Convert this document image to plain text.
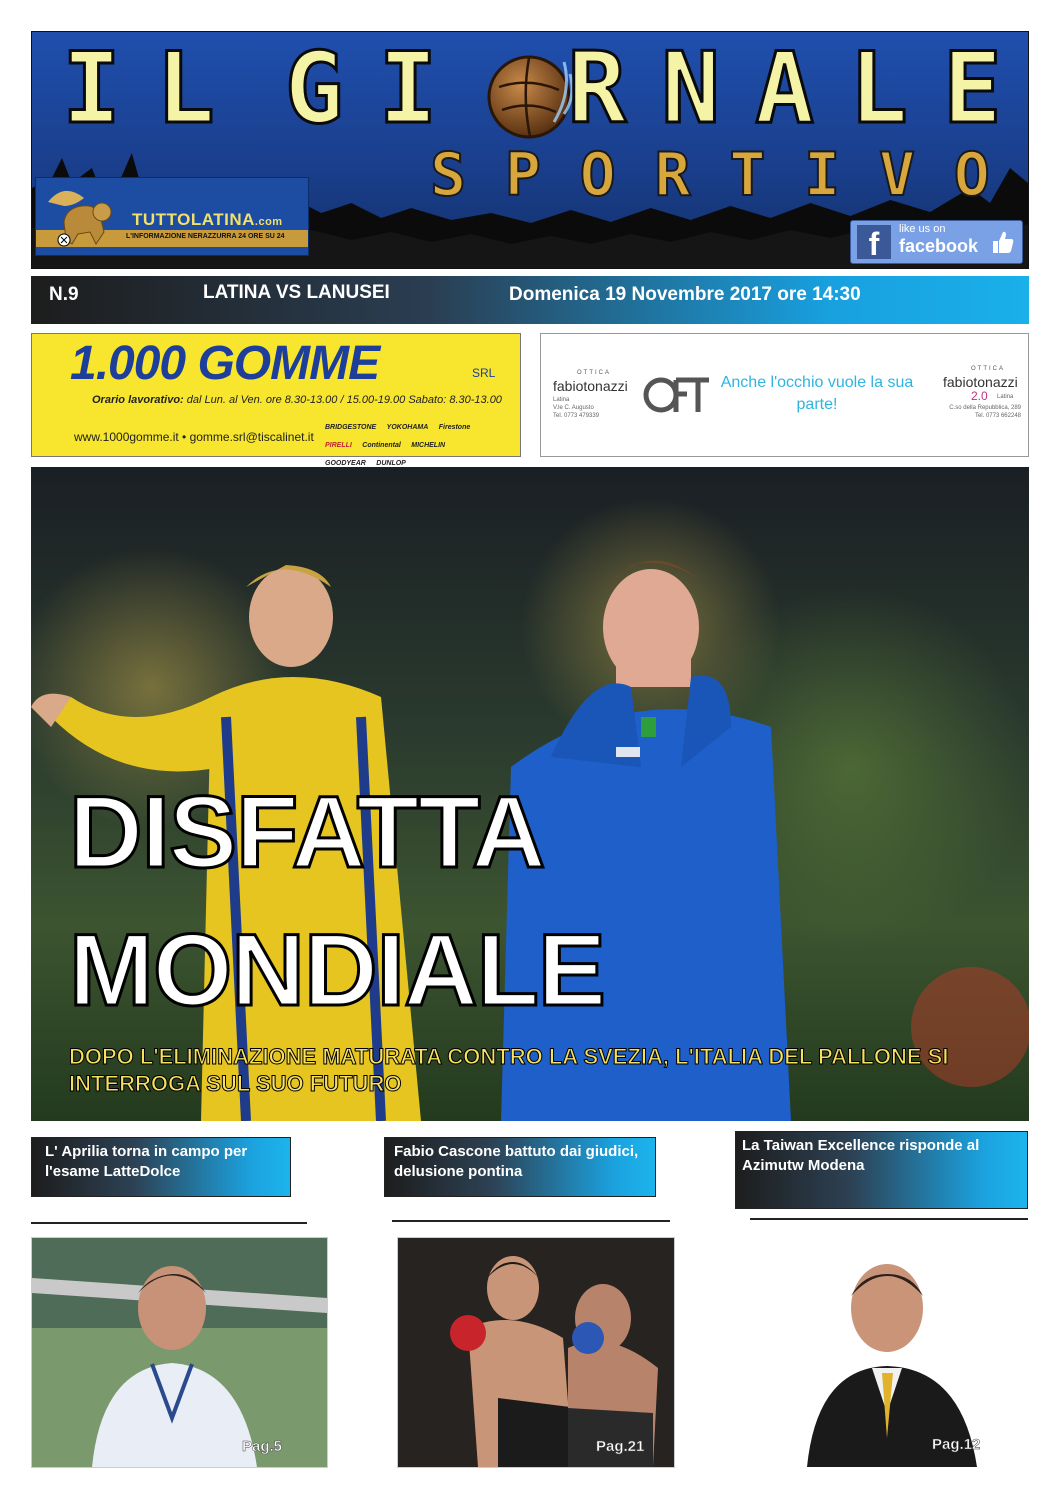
I L G I R N A L E
S P O R T I V O
TUTTOLATINA.com
L'INFORMAZIONE NERAZZURRA 24 ORE SU 24	f	like us on
facebook
N.9	LATINA VS LANUSEI	Domenica 19 Novembre 2017 ore 14:30
1.000 GOMME	SRL
Orario lavorativo: dal Lun. al Ven. ore 8.30-13.00 / 15.00-19.00 Sabato: 8.30-13.00
www.1000gomme.it • gomme.srl@tiscalinet.it
BRIDGESTONE YOKOHAMA Firestone PIRELLI Continental MICHELIN GOODYEAR DUNLOP
OTTICA
fabiotonazzi
Latina
V.le C. Augusto
Tel. 0773 479339
Anche l'occhio vuole la sua parte!
OTTICA
fabiotonazzi
2.0 Latina
C.so della Repubblica, 289
Tel. 0773 662248
DISFATTA
MONDIALE
DOPO L'ELIMINAZIONE MATURATA CONTRO LA SVEZIA, L'ITALIA DEL PALLONE SI INTERROGA SUL SUO FUTURO
L' Aprilia torna in campo per l'esame LatteDolce
Fabio Cascone battuto dai giudici, delusione pontina
La Taiwan Excellence risponde al Azimutw Modena
Pag.5	Pag.21	Pag.12
